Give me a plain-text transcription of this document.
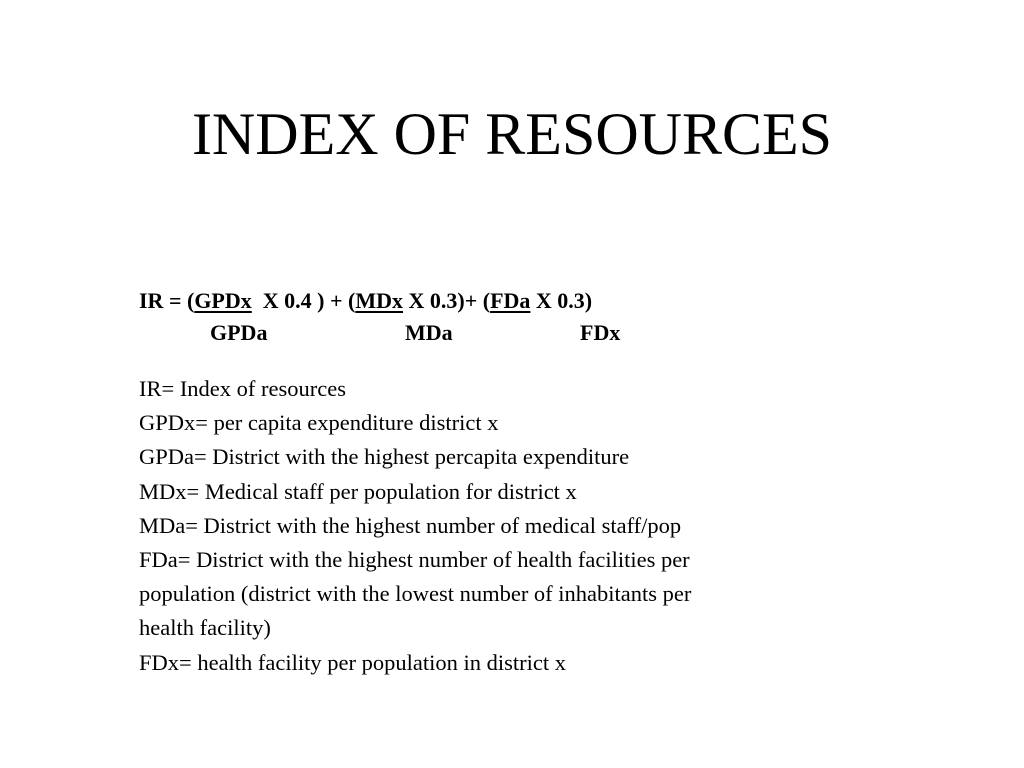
INDEX OF RESOURCES
IR = (GPDx  X 0.4 ) + (MDx X 0.3)+ (FDa X 0.3)
GPDa	MDa	FDx
IR= Index of resources
GPDx= per capita expenditure district x
GPDa= District with the highest percapita expenditure
MDx= Medical staff per population for district x
MDa= District with the highest number of medical staff/pop
FDa= District with the highest number of health facilities per
population (district with the lowest number of inhabitants per
health facility)
FDx= health facility per population in district x
